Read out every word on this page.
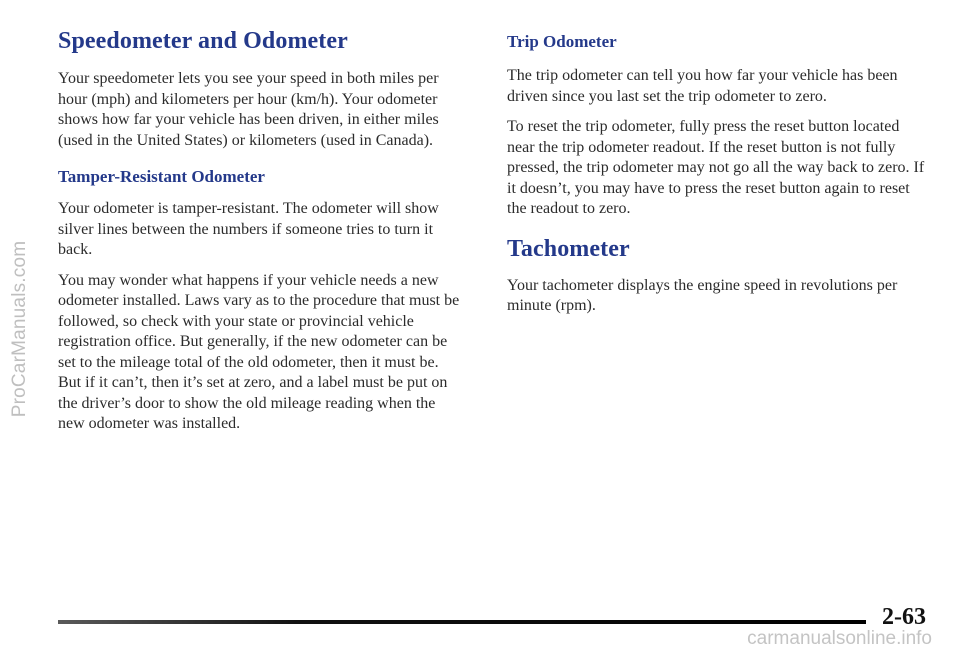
ProCarManuals.com
Speedometer and Odometer

Your speedometer lets you see your speed in both miles per hour (mph) and kilometers per hour (km/h). Your odometer shows how far your vehicle has been driven, in either miles (used in the United States) or kilometers (used in Canada).

Tamper-Resistant Odometer

Your odometer is tamper-resistant. The odometer will show silver lines between the numbers if someone tries to turn it back.

You may wonder what happens if your vehicle needs a new odometer installed. Laws vary as to the procedure that must be followed, so check with your state or provincial vehicle registration office. But generally, if the new odometer can be set to the mileage total of the old odometer, then it must be. But if it can’t, then it’s set at zero, and a label must be put on the driver’s door to show the old mileage reading when the new odometer was installed.

Trip Odometer

The trip odometer can tell you how far your vehicle has been driven since you last set the trip odometer to zero.

To reset the trip odometer, fully press the reset button located near the trip odometer readout. If the reset button is not fully pressed, the trip odometer may not go all the way back to zero. If it doesn’t, you may have to press the reset button again to reset the readout to zero.

Tachometer

Your tachometer displays the engine speed in revolutions per minute (rpm).

2-63
carmanualsonline.info
